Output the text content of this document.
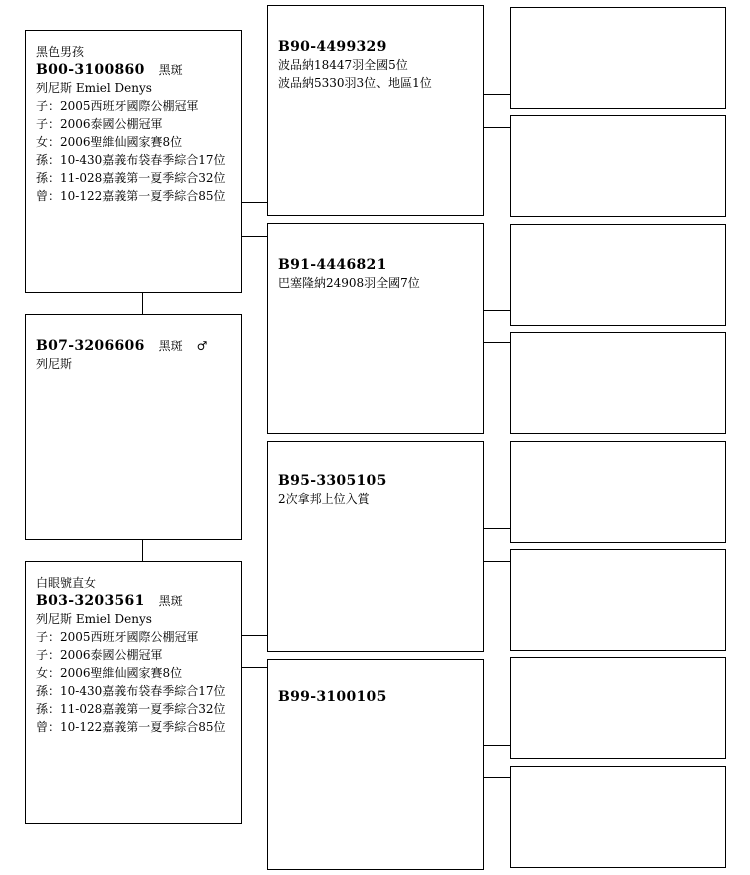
黑色男孩
B00-3100860 黑斑
列尼斯 Emiel Denys
子：2005西班牙國際公棚冠軍
子：2006泰國公棚冠軍
女：2006聖維仙國家賽8位
孫：10-430嘉義布袋春季綜合17位
孫：11-028嘉義第一夏季綜合32位
曾：10-122嘉義第一夏季綜合85位
B07-3206606 黑斑 ♂
列尼斯
白眼號直女
B03-3203561 黑斑
列尼斯 Emiel Denys
子：2005西班牙國際公棚冠軍
子：2006泰國公棚冠軍
女：2006聖維仙國家賽8位
孫：10-430嘉義布袋春季綜合17位
孫：11-028嘉義第一夏季綜合32位
曾：10-122嘉義第一夏季綜合85位
B90-4499329
波品納18447羽全國5位
波品納5330羽3位、地區1位
B91-4446821
巴塞隆納24908羽全國7位
B95-3305105
2次拿邦上位入賞
B99-3100105
